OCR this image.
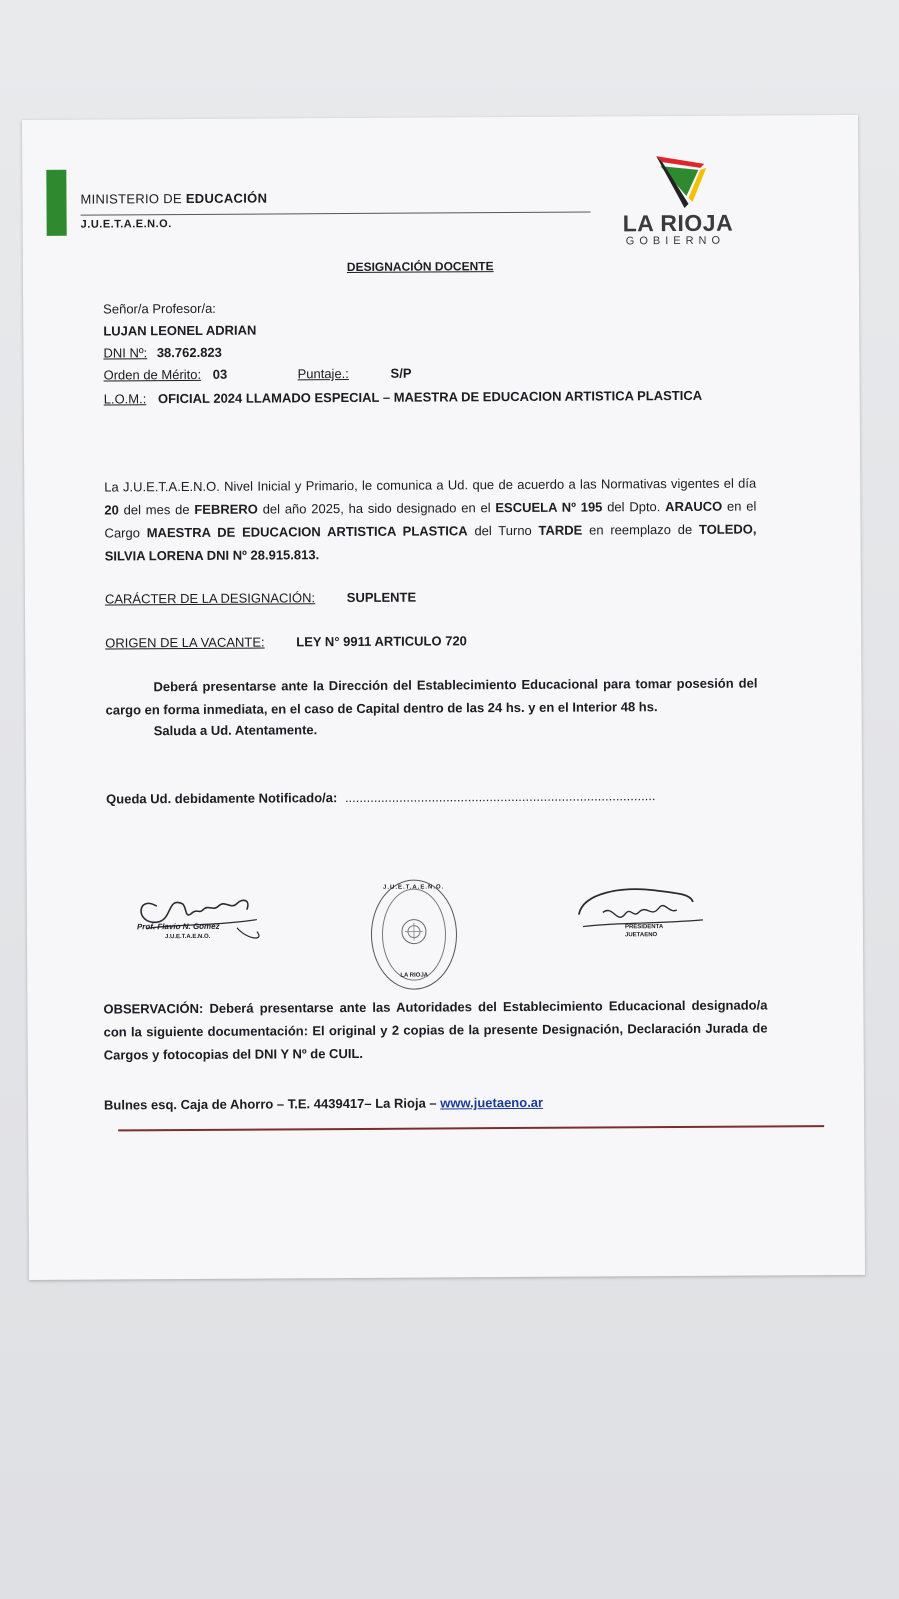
MINISTERIO DE EDUCACIÓN
J.U.E.T.A.E.N.O.	LA RIOJA
GOBIERNO
DESIGNACIÓN DOCENTE
Señor/a Profesor/a:
LUJAN LEONEL ADRIAN
DNI Nº: 38.762.823
Orden de Mérito: 03	Puntaje.:	S/P
L.O.M.: OFICIAL 2024 LLAMADO ESPECIAL – MAESTRA DE EDUCACION ARTISTICA PLASTICA
La J.U.E.T.A.E.N.O. Nivel Inicial y Primario, le comunica a Ud. que de acuerdo a las Normativas vigentes el día 20 del mes de FEBRERO del año 2025, ha sido designado en el ESCUELA Nº 195 del Dpto. ARAUCO en el Cargo MAESTRA DE EDUCACION ARTISTICA PLASTICA del Turno TARDE en reemplazo de TOLEDO, SILVIA LORENA DNI Nº 28.915.813.
CARÁCTER DE LA DESIGNACIÓN: SUPLENTE
ORIGEN DE LA VACANTE: LEY N° 9911 ARTICULO 720
Deberá presentarse ante la Dirección del Establecimiento Educacional para tomar posesión del cargo en forma inmediata, en el caso de Capital dentro de las 24 hs. y en el Interior 48 hs.
Saluda a Ud. Atentamente.
Queda Ud. debidamente Notificado/a: ......................................................................................
Prof. Flavio N. Gomez
J.U.E.T.A.E.N.O.
J.U.E.T.A.E.N.O.
LA RIOJA
PRESIDENTA
JUETAENO
OBSERVACIÓN: Deberá presentarse ante las Autoridades del Establecimiento Educacional designado/a con la siguiente documentación: El original y 2 copias de la presente Designación, Declaración Jurada de Cargos y fotocopias del DNI Y Nº de CUIL.
Bulnes esq. Caja de Ahorro – T.E. 4439417– La Rioja – www.juetaeno.ar
